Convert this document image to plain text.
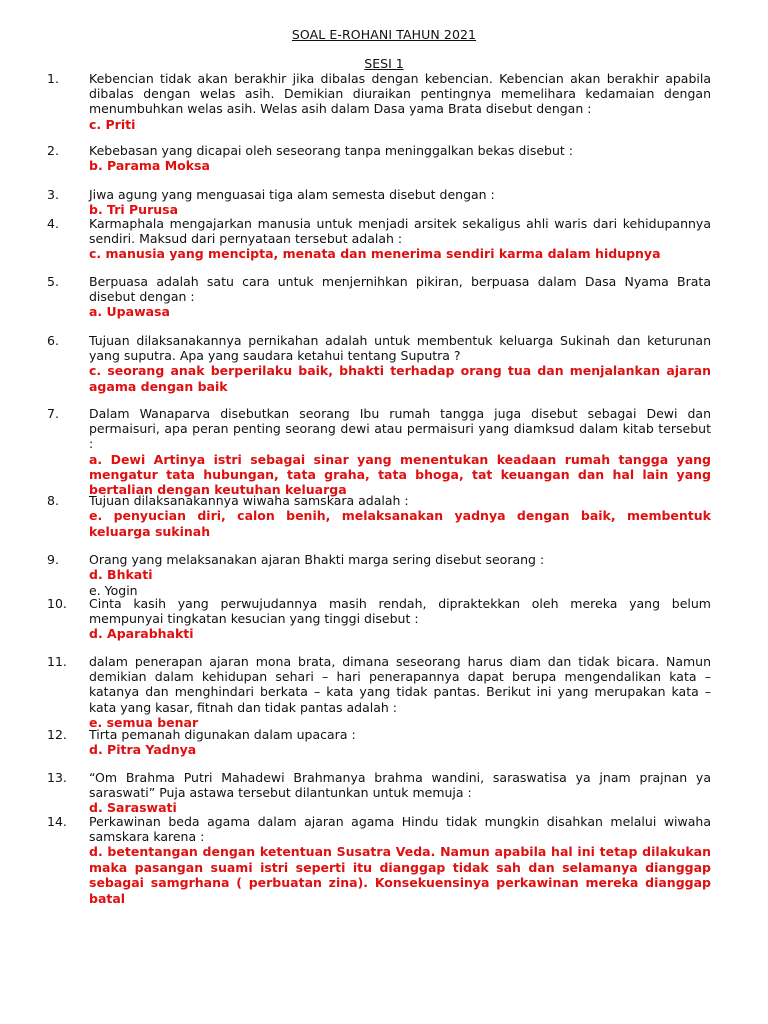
SOAL E-ROHANI TAHUN 2021
SESI 1
1. Kebencian tidak akan berakhir jika dibalas dengan kebencian. Kebencian akan berakhir apabila dibalas dengan welas asih. Demikian diuraikan pentingnya memelihara kedamaian dengan menumbuhkan welas asih. Welas asih dalam Dasa yama Brata disebut dengan :
c. Priti
2. Kebebasan yang dicapai oleh seseorang tanpa meninggalkan bekas disebut :
b. Parama Moksa
3. Jiwa agung yang menguasai tiga alam semesta disebut dengan :
b. Tri Purusa
4. Karmaphala mengajarkan manusia untuk menjadi arsitek sekaligus ahli waris dari kehidupannya sendiri. Maksud dari pernyataan tersebut adalah :
c. manusia yang mencipta, menata dan menerima sendiri karma dalam hidupnya
5. Berpuasa adalah satu cara untuk menjernihkan pikiran, berpuasa dalam Dasa Nyama Brata disebut dengan :
a. Upawasa
6. Tujuan dilaksanakannya pernikahan adalah untuk membentuk keluarga Sukinah dan keturunan yang suputra. Apa yang saudara ketahui tentang Suputra ?
c. seorang anak berperilaku baik, bhakti terhadap orang tua dan menjalankan ajaran agama dengan baik
7. Dalam Wanaparva disebutkan seorang Ibu rumah tangga juga disebut sebagai Dewi dan permaisuri, apa peran penting seorang dewi atau permaisuri yang diamksud dalam kitab tersebut :
a. Dewi Artinya istri sebagai sinar yang menentukan keadaan rumah tangga yang mengatur tata hubungan, tata graha, tata bhoga, tat keuangan dan hal lain yang bertalian dengan keutuhan keluarga
8. Tujuan dilaksanakannya wiwaha samskara adalah :
e. penyucian diri, calon benih, melaksanakan yadnya dengan baik, membentuk keluarga sukinah
9. Orang yang melaksanakan ajaran Bhakti marga sering disebut seorang :
d. Bhkati
e. Yogin
10. Cinta kasih yang perwujudannya masih rendah, dipraktekkan oleh mereka yang belum mempunyai tingkatan kesucian yang tinggi disebut :
d. Aparabhakti
11. dalam penerapan ajaran mona brata, dimana seseorang harus diam dan tidak bicara. Namun demikian dalam kehidupan sehari – hari penerapannya dapat berupa mengendalikan kata – katanya dan menghindari berkata – kata yang tidak pantas. Berikut ini yang merupakan kata – kata yang kasar, fitnah dan tidak pantas adalah :
e. semua benar
12. Tirta pemanah digunakan dalam upacara :
d. Pitra Yadnya
13. “Om Brahma Putri Mahadewi Brahmanya brahma wandini, saraswatisa ya jnam prajnan ya saraswati” Puja astawa tersebut dilantunkan untuk memuja :
d. Saraswati
14. Perkawinan beda agama dalam ajaran agama Hindu tidak mungkin disahkan melalui wiwaha samskara karena :
d. betentangan dengan ketentuan Susatra Veda. Namun apabila hal ini tetap dilakukan maka pasangan suami istri seperti itu dianggap tidak sah dan selamanya dianggap sebagai samgrhana ( perbuatan zina). Konsekuensinya perkawinan mereka dianggap batal
